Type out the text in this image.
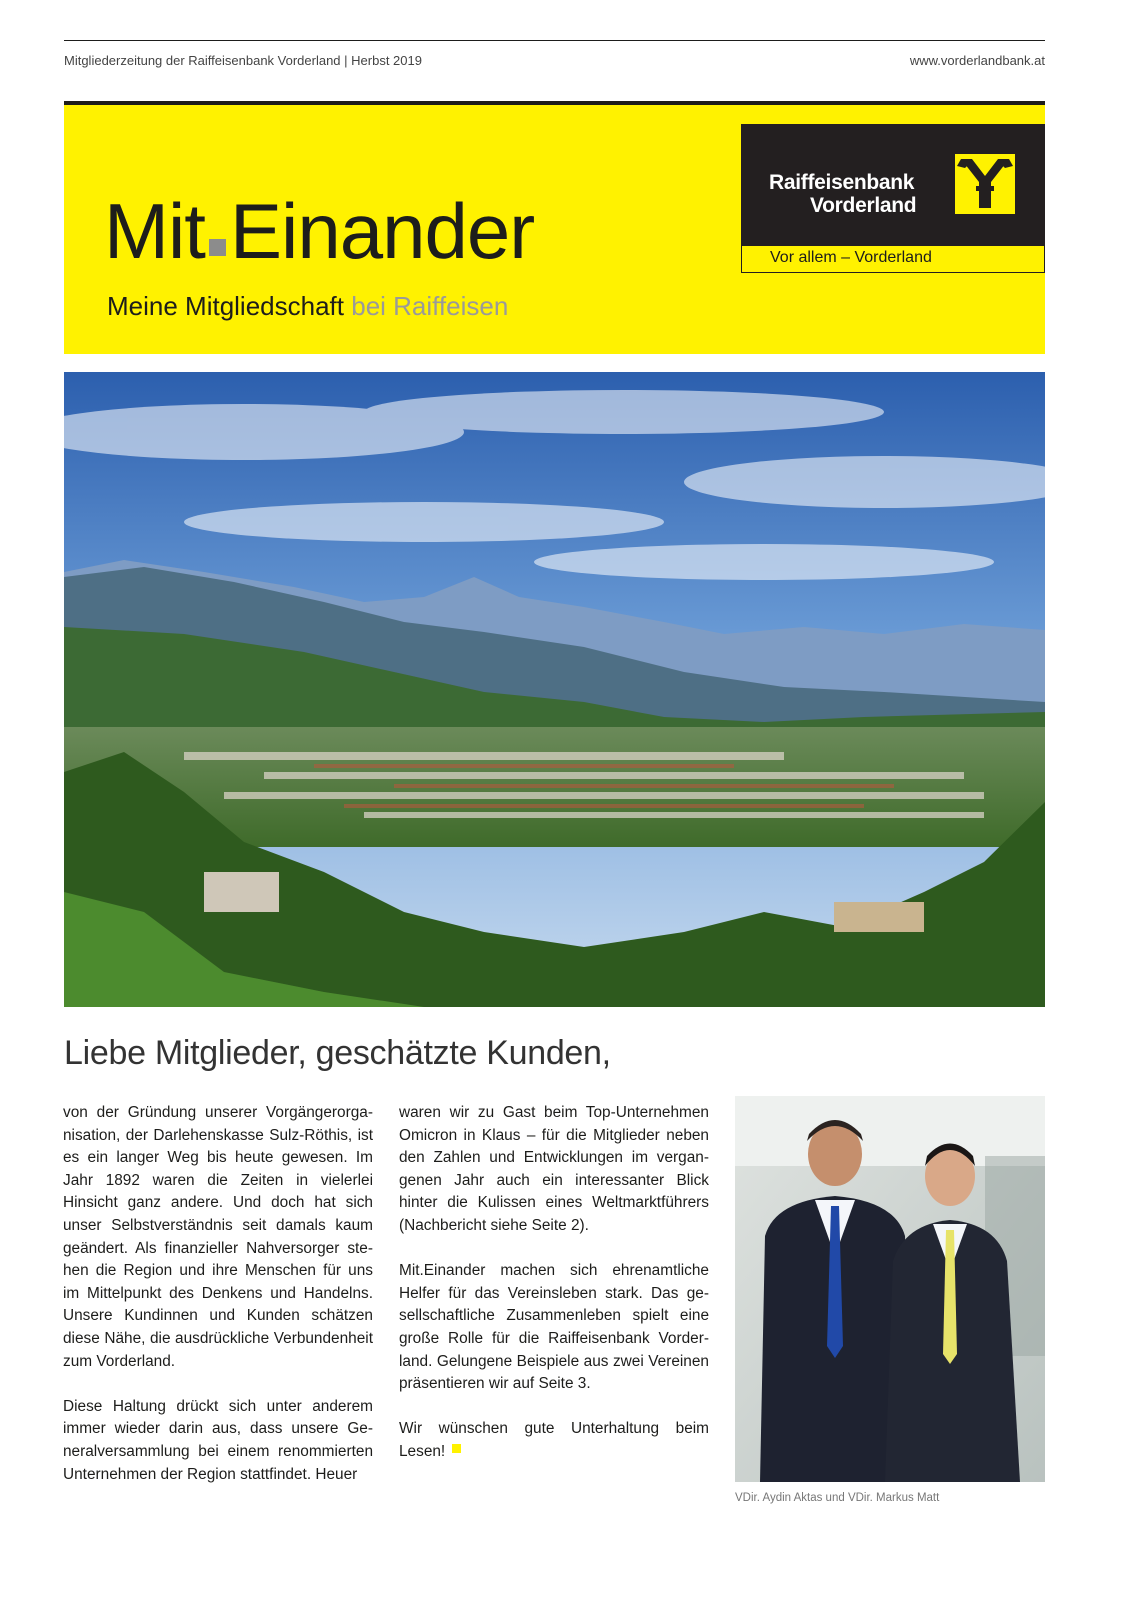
Mitgliederzeitung der Raiffeisenbank Vorderland | Herbst 2019	www.vorderlandbank.at
Mit Einander
Meine Mitgliedschaft bei Raiffeisen
Raiffeisenbank
Vorderland
Vor allem – Vorderland
Liebe Mitglieder, geschätzte Kunden,

von der Gründung unserer Vorgängerorganisation, der Darlehenskasse Sulz-Röthis, ist es ein langer Weg bis heute gewesen. Im Jahr 1892 waren die Zeiten in vielerlei Hinsicht ganz andere. Und doch hat sich unser Selbstverständnis seit damals kaum geändert. Als finanzieller Nahversorger stehen die Region und ihre Menschen für uns im Mittelpunkt des Denkens und Handelns. Unsere Kundinnen und Kunden schätzen diese Nähe, die ausdrückliche Verbundenheit zum Vorderland.

Diese Haltung drückt sich unter anderem immer wieder darin aus, dass unsere Generalversammlung bei einem renommierten Unternehmen der Region stattfindet. Heuer

waren wir zu Gast beim Top-Unternehmen Omicron in Klaus – für die Mitglieder neben den Zahlen und Entwicklungen im vergangenen Jahr auch ein interessanter Blick hinter die Kulissen eines Weltmarktführers (Nachbericht siehe Seite 2).

Mit.Einander machen sich ehrenamtliche Helfer für das Vereinsleben stark. Das gesellschaftliche Zusammenleben spielt eine große Rolle für die Raiffeisenbank Vorderland. Gelungene Beispiele aus zwei Vereinen präsentieren wir auf Seite 3.

Wir wünschen gute Unterhaltung beim Lesen!

VDir. Aydin Aktas und VDir. Markus Matt
